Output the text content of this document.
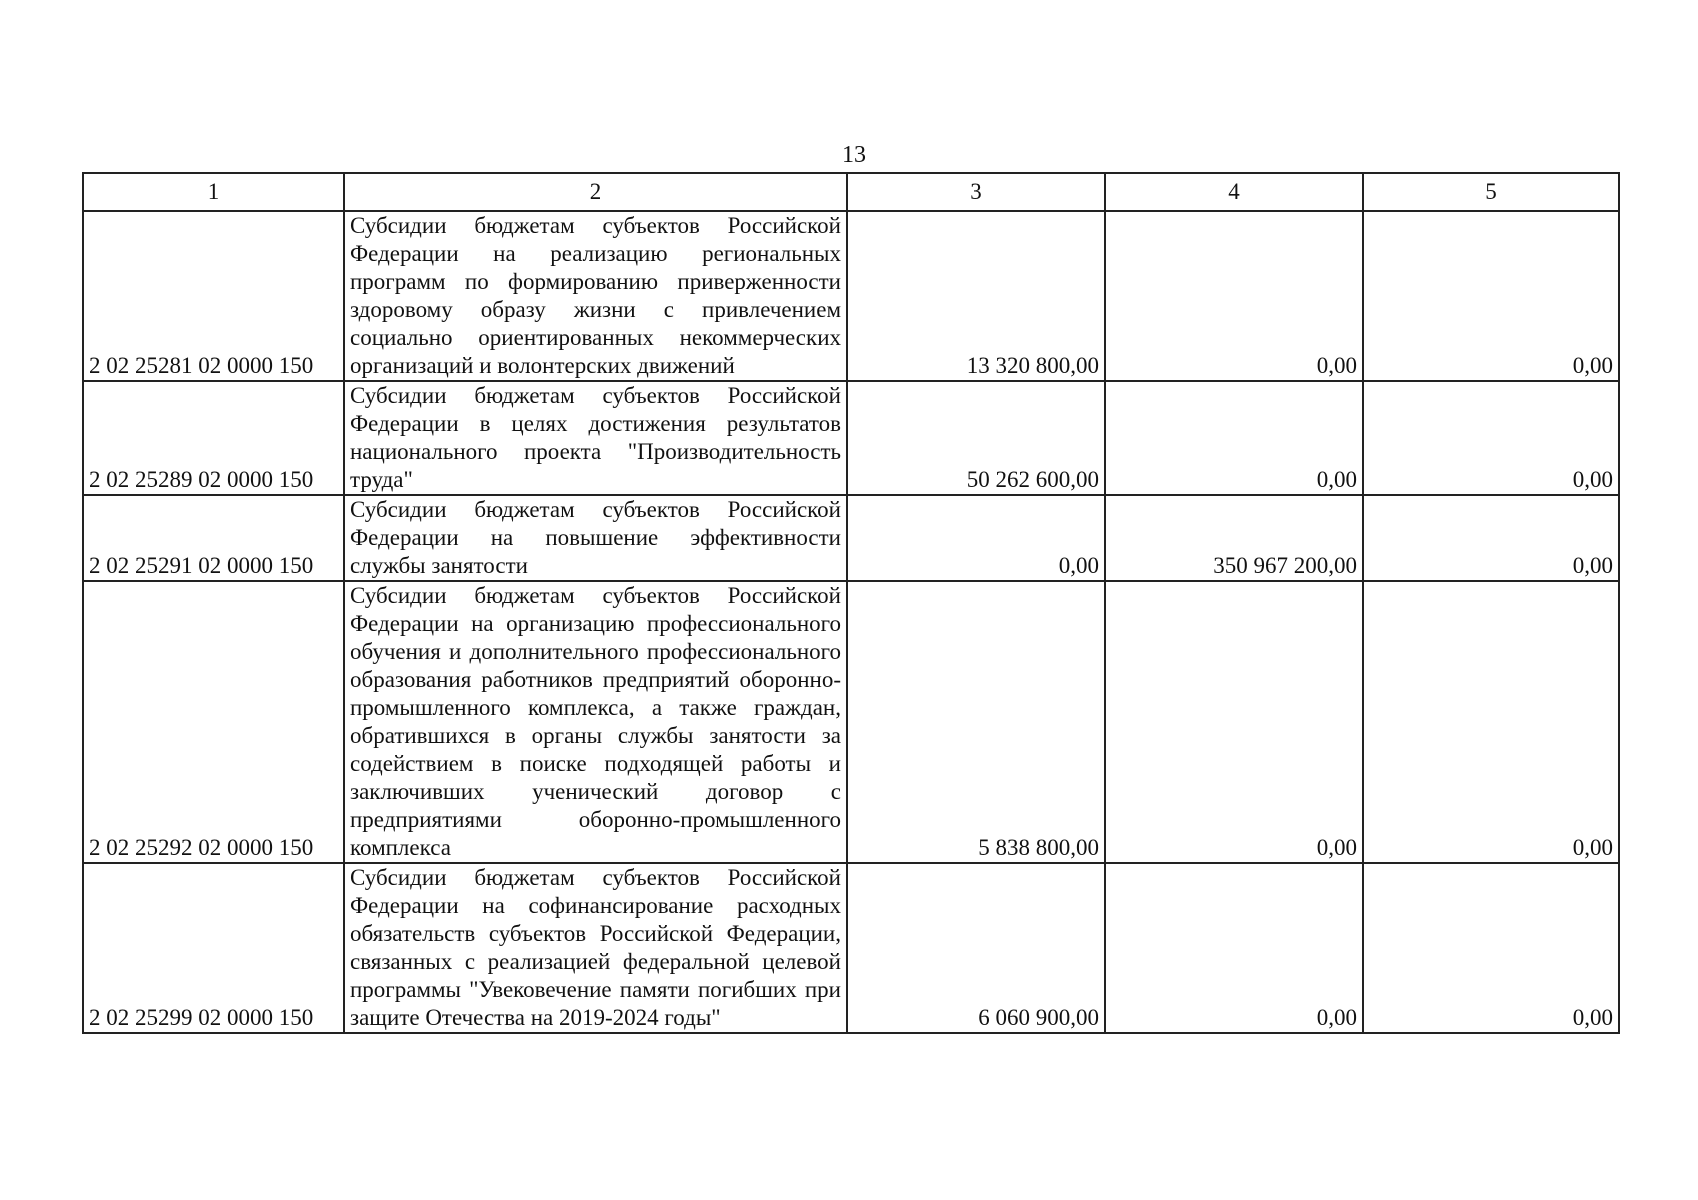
13
1	2	3	4	5
2 02 25281 02 0000 150	Субсидии бюджетам субъектов Российской Федерации на реализацию региональных программ по формированию приверженности здоровому образу жизни с привлечением социально ориентированных некоммерческих организаций и волонтерских движений	13 320 800,00	0,00	0,00
2 02 25289 02 0000 150	Субсидии бюджетам субъектов Российской Федерации в целях достижения результатов национального проекта "Производительность труда"	50 262 600,00	0,00	0,00
2 02 25291 02 0000 150	Субсидии бюджетам субъектов Российской Федерации на повышение эффективности службы занятости	0,00	350 967 200,00	0,00
2 02 25292 02 0000 150	Субсидии бюджетам субъектов Российской Федерации на организацию профессионального обучения и дополнительного профессионального образования работников предприятий оборонно-промышленного комплекса, а также граждан, обратившихся в органы службы занятости за содействием в поиске подходящей работы и заключивших ученический договор с предприятиями оборонно-промышленного комплекса	5 838 800,00	0,00	0,00
2 02 25299 02 0000 150	Субсидии бюджетам субъектов Российской Федерации на софинансирование расходных обязательств субъектов Российской Федерации, связанных с реализацией федеральной целевой программы "Увековечение памяти погибших при защите Отечества на 2019-2024 годы"	6 060 900,00	0,00	0,00
